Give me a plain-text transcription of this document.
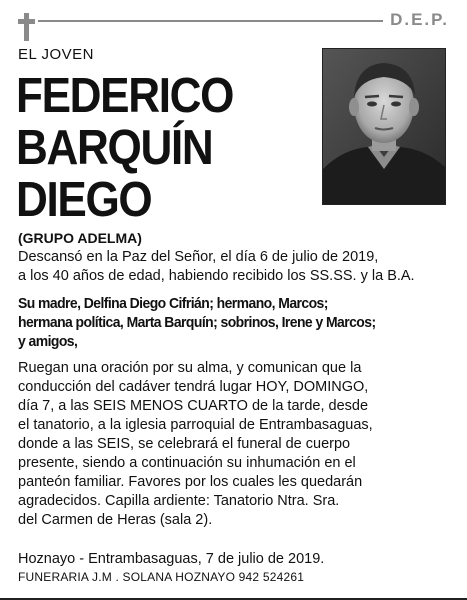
D.E.P.
EL JOVEN
FEDERICO
BARQUÍN
DIEGO
(GRUPO ADELMA)
Descansó en la Paz del Señor, el día 6 de julio de 2019,
a los 40 años de edad, habiendo recibido los SS.SS. y la B.A.
Su madre, Delfina Diego Cifrián; hermano, Marcos;
hermana política, Marta Barquín; sobrinos, Irene y Marcos;
y amigos,
Ruegan una oración por su alma, y comunican que la
conducción del cadáver tendrá lugar HOY, DOMINGO,
día 7, a las SEIS MENOS CUARTO de la tarde, desde
el tanatorio, a la iglesia parroquial de Entrambasaguas,
donde a las SEIS, se celebrará el funeral de cuerpo
presente, siendo a continuación su inhumación en el
panteón familiar. Favores por los cuales les quedarán
agradecidos. Capilla ardiente: Tanatorio Ntra. Sra.
del Carmen de Heras (sala 2).
Hoznayo - Entrambasaguas, 7 de julio de 2019.
FUNERARIA J.M . SOLANA HOZNAYO 942 524261
